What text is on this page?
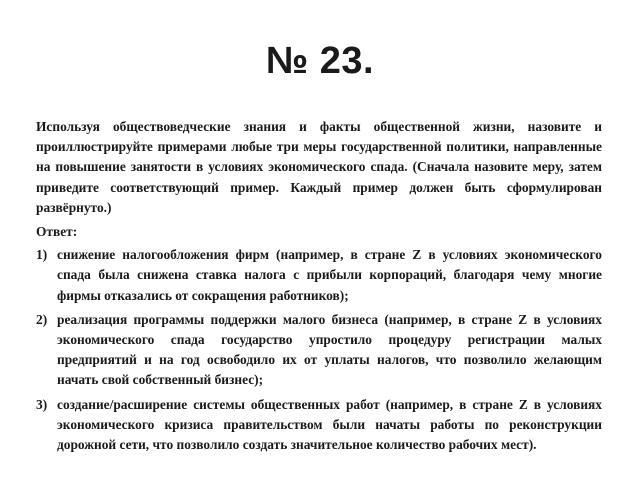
№ 23.

Используя обществоведческие знания и факты общественной жизни, назовите и проиллюстрируйте примерами любые три меры государственной политики, направленные на повышение занятости в условиях экономического спада. (Сначала назовите меру, затем приведите соответствующий пример. Каждый пример должен быть сформулирован развёрнуто.)

Ответ:

1) снижение налогообложения фирм (например, в стране Z в условиях экономического спада была снижена ставка налога с прибыли корпораций, благодаря чему многие фирмы отказались от сокращения работников);

2) реализация программы поддержки малого бизнеса (например, в стране Z в условиях экономического спада государство упростило процедуру регистрации малых предприятий и на год освободило их от уплаты налогов, что позволило желающим начать свой собственный бизнес);

3) создание/расширение системы общественных работ (например, в стране Z в условиях экономического кризиса правительством были начаты работы по реконструкции дорожной сети, что позволило создать значительное количество рабочих мест).
